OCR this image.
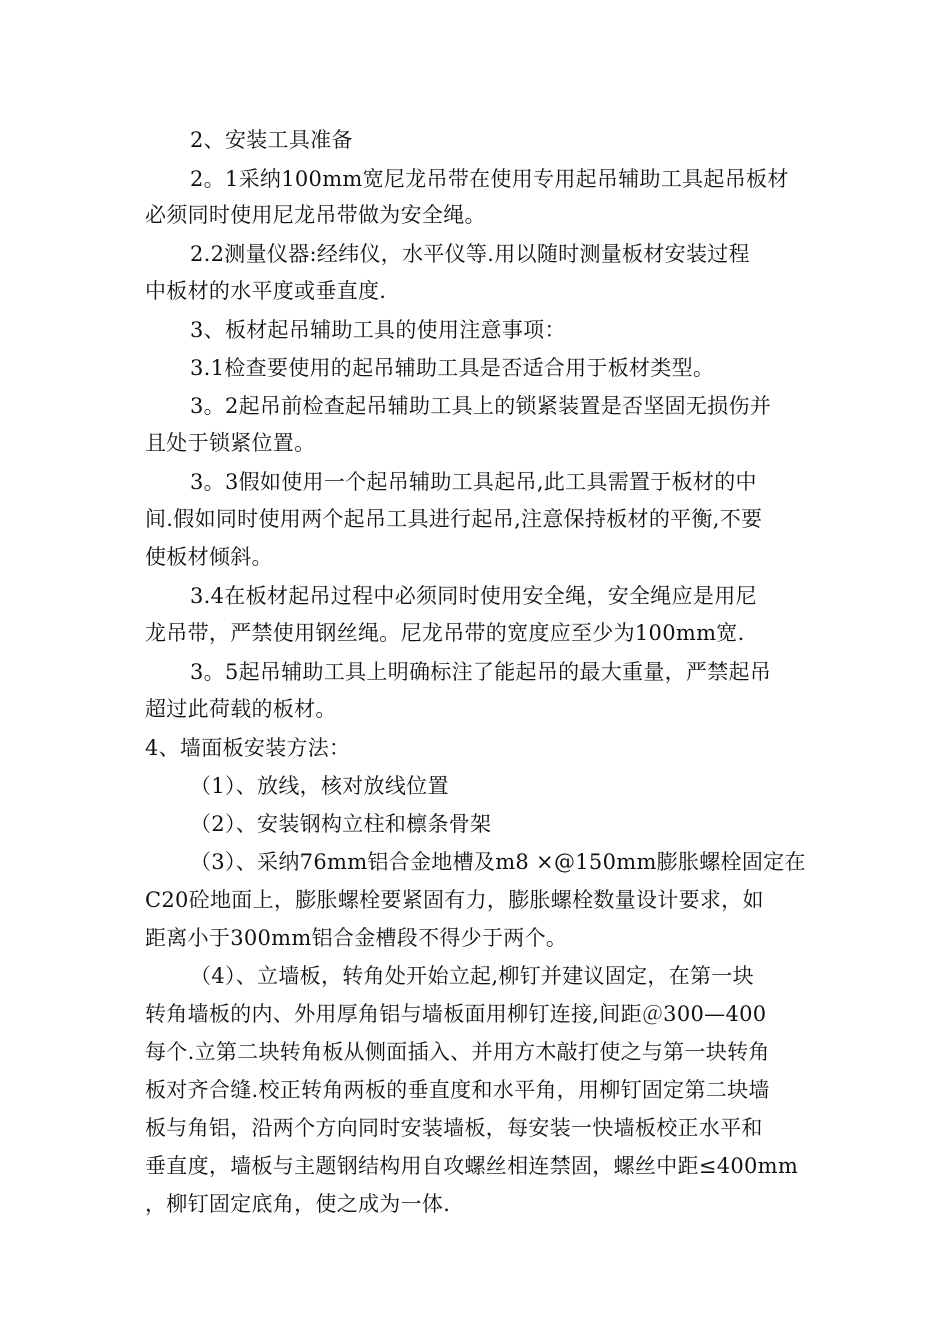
2、安装工具准备
2。1采纳100mm宽尼龙吊带在使用专用起吊辅助工具起吊板材
必须同时使用尼龙吊带做为安全绳。
2.2测量仪器:经纬仪，水平仪等.用以随时测量板材安装过程
中板材的水平度或垂直度.
3、板材起吊辅助工具的使用注意事项：
3.1检查要使用的起吊辅助工具是否适合用于板材类型。
3。2起吊前检查起吊辅助工具上的锁紧装置是否坚固无损伤并
且处于锁紧位置。
3。3假如使用一个起吊辅助工具起吊,此工具需置于板材的中
间.假如同时使用两个起吊工具进行起吊,注意保持板材的平衡,不要
使板材倾斜。
3.4在板材起吊过程中必须同时使用安全绳，安全绳应是用尼
龙吊带，严禁使用钢丝绳。尼龙吊带的宽度应至少为100mm宽.
3。5起吊辅助工具上明确标注了能起吊的最大重量，严禁起吊
超过此荷载的板材。
4、墙面板安装方法：
（1）、放线，核对放线位置
（2）、安装钢构立柱和檩条骨架
（3）、采纳76mm铝合金地槽及m8 ×@150mm膨胀螺栓固定在
C20砼地面上，膨胀螺栓要紧固有力，膨胀螺栓数量设计要求，如
距离小于300mm铝合金槽段不得少于两个。
（4）、立墙板，转角处开始立起,柳钉并建议固定，在第一块
转角墙板的内、外用厚角铝与墙板面用柳钉连接,间距＠300—400
每个.立第二块转角板从侧面插入、并用方木敲打使之与第一块转角
板对齐合缝.校正转角两板的垂直度和水平角，用柳钉固定第二块墙
板与角铝，沿两个方向同时安装墙板，每安装一快墙板校正水平和
垂直度，墙板与主题钢结构用自攻螺丝相连禁固，螺丝中距≤400mm
，柳钉固定底角，使之成为一体.
